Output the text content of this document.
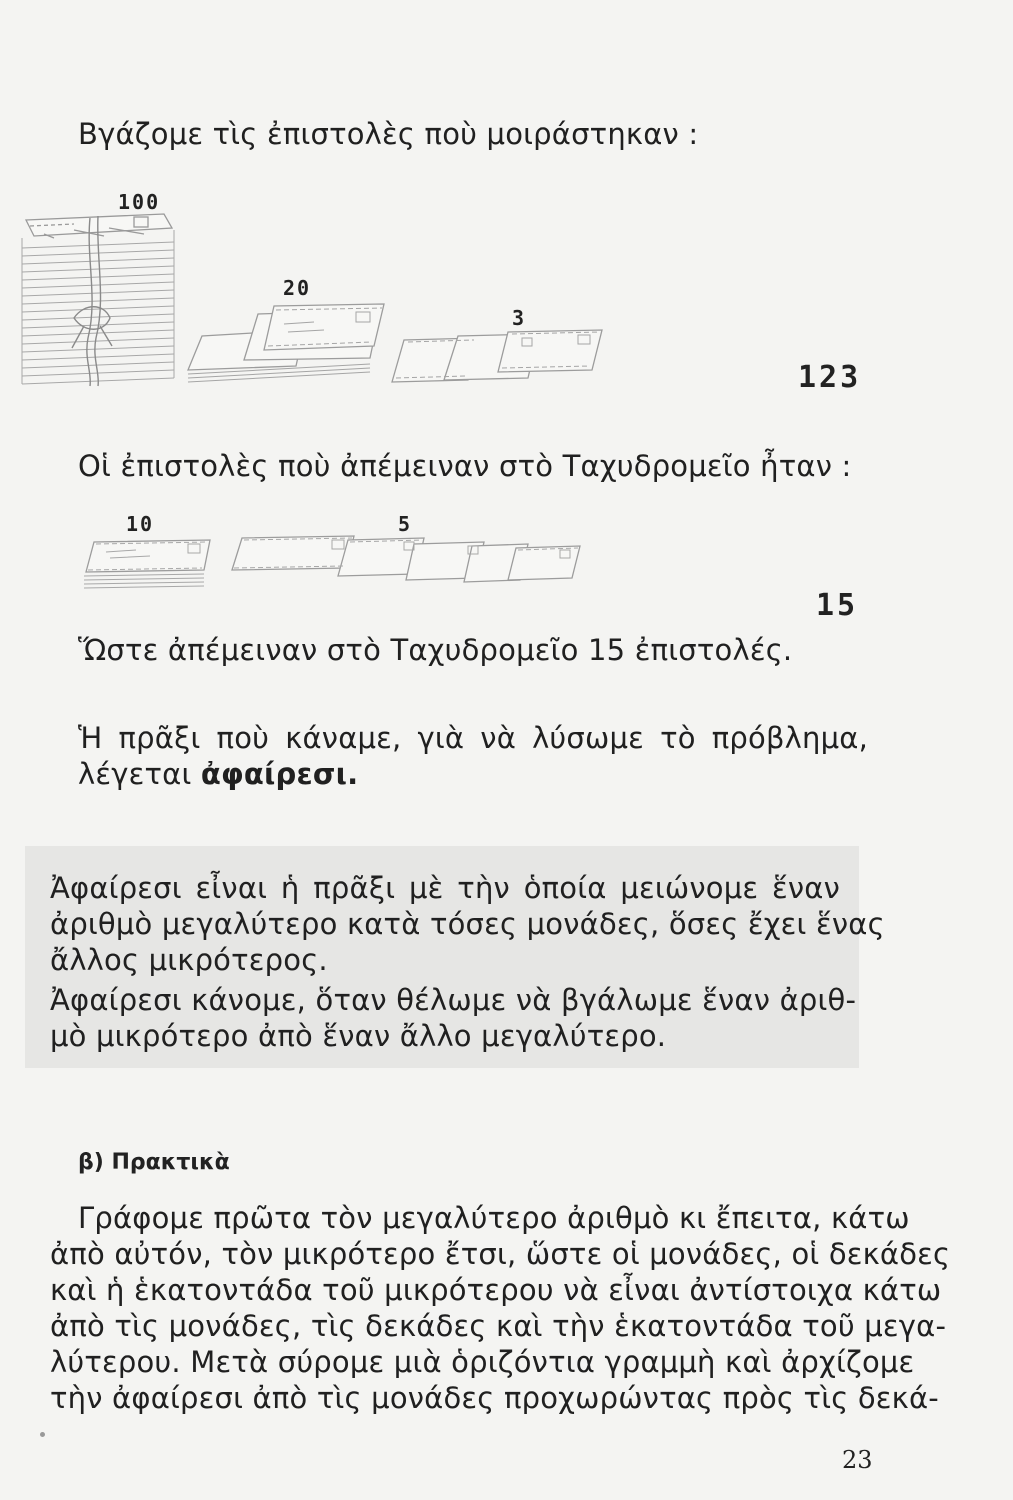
Βγάζομε τὶς ἐπιστολὲς ποὺ μοιράστηκαν :
100
20
3
123
Οἱ ἐπιστολὲς ποὺ ἀπέμειναν στὸ Ταχυδρομεῖο ἦταν :
10	5
15
Ὥστε ἀπέμειναν στὸ Ταχυδρομεῖο 15 ἐπιστολές.
Ἡ πρᾶξι ποὺ κάναμε, γιὰ νὰ λύσωμε τὸ πρόβλημα,
λέγεται ἀφαίρεσι.
Ἀφαίρεσι εἶναι ἡ πρᾶξι μὲ τὴν ὁποία μειώνομε ἕναν
ἀριθμὸ μεγαλύτερο κατὰ τόσες μονάδες, ὅσες ἔχει ἕνας
ἄλλος μικρότερος.
Ἀφαίρεσι κάνομε, ὅταν θέλωμε νὰ βγάλωμε ἕναν ἀριθ-
μὸ μικρότερο ἀπὸ ἕναν ἄλλο μεγαλύτερο.
β) Πρακτικὰ
Γράφομε πρῶτα τὸν μεγαλύτερο ἀριθμὸ κι ἔπειτα, κάτω
ἀπὸ αὐτόν, τὸν μικρότερο ἔτσι, ὥστε οἱ μονάδες, οἱ δεκάδες
καὶ ἡ ἑκατοντάδα τοῦ μικρότερου νὰ εἶναι ἀντίστοιχα κάτω
ἀπὸ τὶς μονάδες, τὶς δεκάδες καὶ τὴν ἑκατοντάδα τοῦ μεγα-
λύτερου. Μετὰ σύρομε μιὰ ὁριζόντια γραμμὴ καὶ ἀρχίζομε
τὴν ἀφαίρεσι ἀπὸ τὶς μονάδες προχωρώντας πρὸς τὶς δεκά-
23
